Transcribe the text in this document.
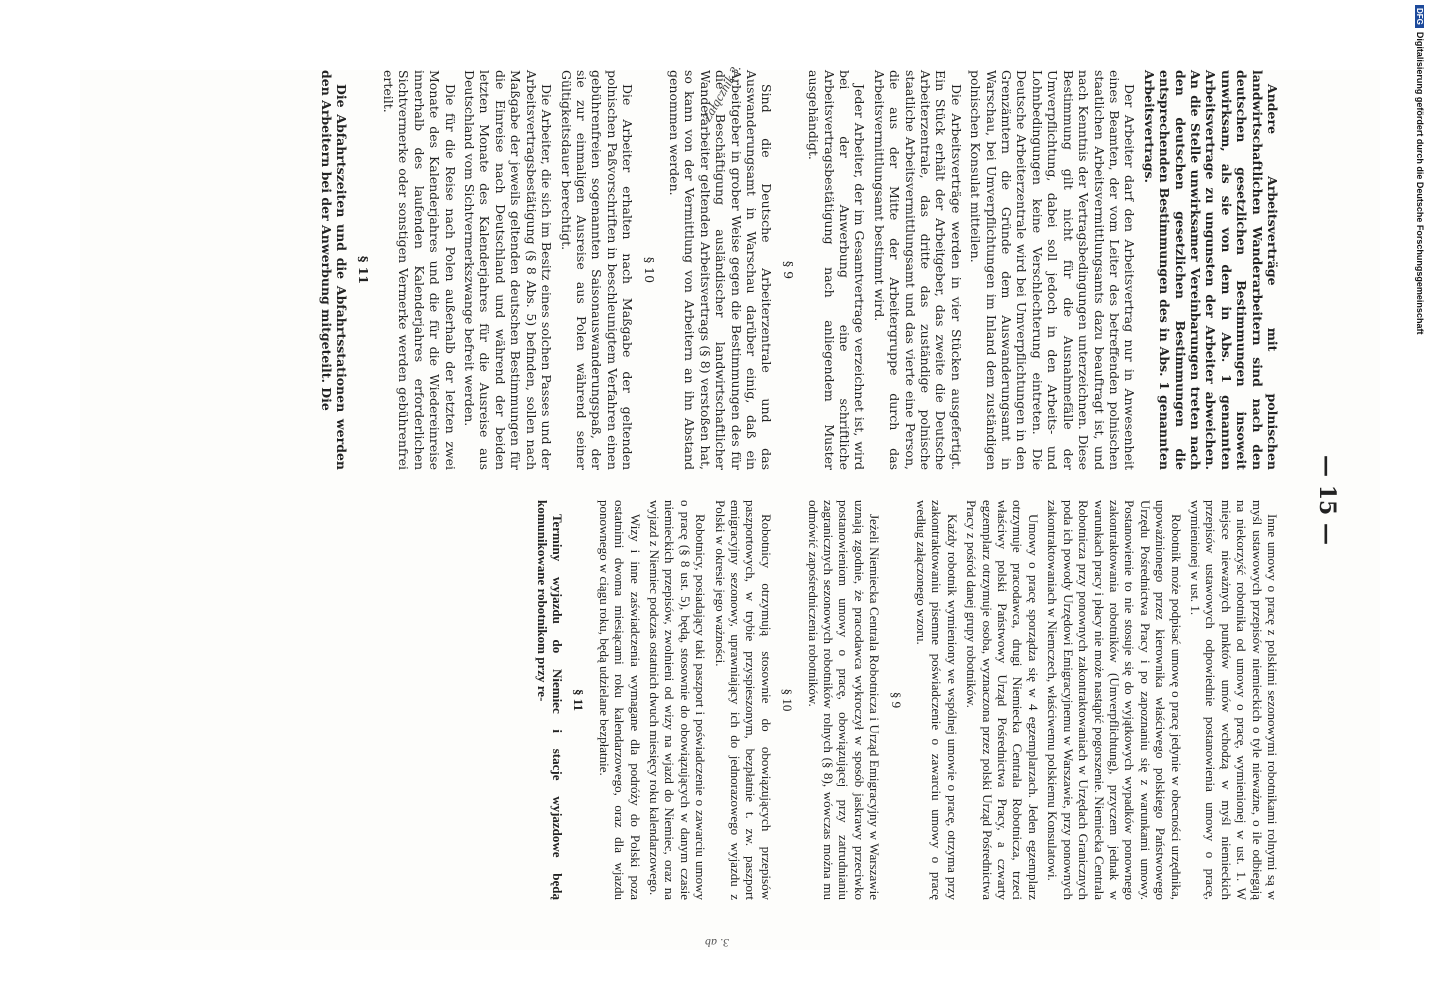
— 15 —

Andere Arbeitsverträge mit polnischen landwirtschaftlichen Wanderarbeitern sind nach den deutschen gesetzlichen Bestimmungen insoweit unwirksam, als sie von dem in Abs. 1 genannten Arbeitsvertrage zu ungunsten der Arbeiter abweichen. An die Stelle unwirksamer Vereinbarungen treten nach den deutschen gesetzlichen Bestimmungen die entsprechenden Bestimmungen des in Abs. 1 genannten Arbeitsvertrags.

Der Arbeiter darf den Arbeitsvertrag nur in Anwesenheit eines Beamten, der vom Leiter des betreffenden polnischen staatlichen Arbeitsvermittlungsamts dazu beauftragt ist, und nach Kenntnis der Vertragsbedingungen unterzeichnen. Diese Bestimmung gilt nicht für die Ausnahmefälle der Umverpflichtung, dabei soll jedoch in den Arbeits- und Lohnbedingungen keine Verschlechterung eintreten. Die Deutsche Arbeiterzentrale wird bei Umverpflichtungen in den Grenzämtern die Gründe dem Auswanderungsamt in Warschau, bei Umverpflichtungen im Inland dem zuständigen polnischen Konsulat mitteilen.

Die Arbeitsverträge werden in vier Stücken ausgefertigt. Ein Stück erhält der Arbeitgeber, das zweite die Deutsche Arbeiterzentrale, das dritte das zuständige polnische staatliche Arbeitsvermittlungsamt und das vierte eine Person, die aus der Mitte der Arbeitergruppe durch das Arbeitsvermittlungsamt bestimmt wird.

Jeder Arbeiter, der im Gesamtvertrage verzeichnet ist, wird bei der Anwerbung eine schriftliche Arbeitsvertragsbestätigung nach anliegendem Muster ausgehändigt.

§ 9

Sind die Deutsche Arbeiterzentrale und das Auswanderungsamt in Warschau darüber einig, daß ein Arbeitgeber in grober Weise gegen die Bestimmungen des für die Beschäftigung ausländischer landwirtschaftlicher Wanderarbeiter geltenden Arbeitsvertrags (§ 8) verstoßen hat, so kann von der Vermittlung von Arbeitern an ihn Abstand genommen werden.

§ 10

Die Arbeiter erhalten nach Maßgabe der geltenden polnischen Paßvorschriften in beschleunigtem Verfahren einen gebührenfreien sogenannten Saisonauswanderungspaß, der sie zur einmaligen Ausreise aus Polen während seiner Gültigkeitsdauer berechtigt.

Die Arbeiter, die sich im Besitz eines solchen Passes und der Arbeitsvertragsbestätigung (§ 8 Abs. 5) befinden, sollen nach Maßgabe der jeweils geltenden deutschen Bestimmungen für die Einreise nach Deutschland und während der beiden letzten Monate des Kalenderjahres für die Ausreise aus Deutschland vom Sichtvermerkszwange befreit werden.

Die für die Reise nach Polen außerhalb der letzten zwei Monate des Kalenderjahres und die für die Wiedereinreise innerhalb des laufenden Kalenderjahres erforderlichen Sichtvermerke oder sonstigen Vermerke werden gebührenfrei erteilt.

§ 11

Die Abfahrtszeiten und die Abfahrtsstationen werden den Arbeitern bei der Anwerbung mitgeteilt. Die

Inne umowy o pracę z polskimi sezonowymi robotnikami rolnymi są w myśl ustawowych przepisów niemieckich o tyle nieważne, o ile odbiegają na niekorzyść robotnika od umowy o pracę, wymienionej w ust. 1. W miejsce nieważnych punktów umów wchodzą w myśl niemieckich przepisów ustawowych odpowiednie postanowienia umowy o pracę, wymienionej w ust. 1.

Robotnik może podpisać umowę o pracę jedynie w obecności urzędnika, upoważnionego przez kierownika właściwego polskiego Państwowego Urzędu Pośrednictwa Pracy i po zapoznaniu się z warunkami umowy. Postanowienie to nie stosuje się do wyjątkowych wypadków ponownego zakontraktowania robotników (Umverpflichtung), przyczem jednak w warunkach pracy i płacy nie może nastąpić pogorszenie. Niemiecka Centrala Robotnicza przy ponownych zakontraktowaniach w Urzędach Granicznych poda ich powody Urzędowi Emigracyjnemu w Warszawie, przy ponownych zakontraktowaniach w Niemczech, właściwemu polskiemu Konsulatowi.

Umowy o pracę sporządza się w 4 egzemplarzach. Jeden egzemplarz otrzymuje pracodawca, drugi Niemiecka Centrala Robotnicza, trzeci właściwy polski Państwowy Urząd Pośrednictwa Pracy, a czwarty egzemplarz otrzymuje osoba, wyznaczona przez polski Urząd Pośrednictwa Pracy z pośród danej grupy robotników.

Każdy robotnik wymieniony we wspólnej umowie o pracę, otrzyma przy zakontraktowaniu pisemne poświadczenie o zawarciu umowy o pracę według załączonego wzoru.

§ 9

Jeżeli Niemiecka Centrala Robotnicza i Urząd Emigracyjny w Warszawie uznają zgodnie, że pracodawca wykroczył w sposób jaskrawy przeciwko postanowieniom umowy o pracę, obowiązującej przy zatrudnianiu zagranicznych sezonowych robotników rolnych (§ 8), wówczas można mu odmówić zapośredniczenia robotników.

§ 10

Robotnicy otrzymują stosownie do obowiązujących przepisów paszportowych, w trybie przyspieszonym, bezpłatnie t. zw. paszport emigracyjny sezonowy, uprawniający ich do jednorazowego wyjazdu z Polski w okresie jego ważności.

Robotnicy, posiadający taki paszport i poświadczenie o zawarciu umowy o pracę (§ 8 ust. 5), będą, stosownie do obowiązujących w danym czasie niemieckich przepisów, zwolnieni od wizy na wjazd do Niemiec, oraz na wyjazd z Niemiec podczas ostatnich dwuch miesięcy roku kalendarzowego.

Wizy i inne zaświadczenia wymagane dla podróży do Polski poza ostatnimi dwoma miesiącami roku kalendarzowego, oraz dla wjazdu ponownego w ciągu roku, będą udzielane bezpłatnie.

§ 11

Terminy wyjazdu do Niemiec i stacje wyjazdowe będą komunikowane robotnikom przy re-

Załącznik 3.
3. ab
DFGDigitalisierung gefördert durch die Deutsche Forschungsgemeinschaft
